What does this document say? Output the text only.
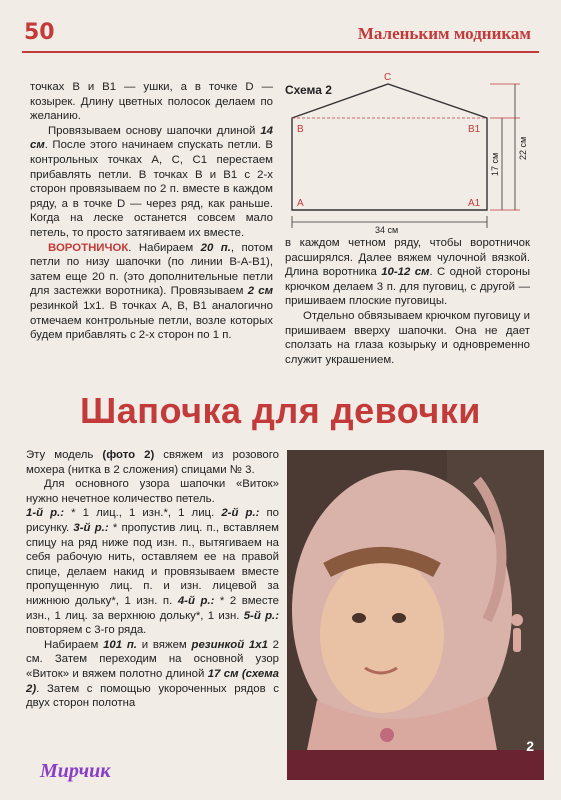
50	Маленьким модникам

точках В и В1 — ушки, а в точке D — козырек. Длину цветных полосок делаем по желанию.

Провязываем основу шапочки длиной 14 см. После этого начинаем спускать петли. В контрольных точках А, С, С1 перестаем прибавлять петли. В точках В и В1 с 2-х сторон провязываем по 2 п. вместе в каждом ряду, а в точке D — через ряд, как раньше. Когда на леске останется совсем мало петель, то просто затягиваем их вместе.

ВОРОТНИЧОК. Набираем 20 п., потом петли по низу шапочки (по линии В-А-В1), затем еще 20 п. (это дополнительные петли для застежки воротника). Провязываем 2 см резинкой 1x1. В точках А, В, В1 аналогично отмечаем контрольные петли, возле которых будем прибавлять с 2-х сторон по 1 п.

Схема 2
В	В1
С
А	А1
34 см
17 см
22 см

в каждом четном ряду, чтобы воротничок расширялся. Далее вяжем чулочной вязкой. Длина воротника 10-12 см. С одной стороны крючком делаем 3 п. для пуговиц, с другой — пришиваем плоские пуговицы.

Отдельно обвязываем крючком пуговицу и пришиваем вверху шапочки. Она не дает сползать на глаза козырьку и одновременно служит украшением.

Шапочка для девочки

Эту модель (фото 2) свяжем из розового мохера (нитка в 2 сложения) спицами № 3.

Для основного узора шапочки «Виток» нужно нечетное количество петель.

1-й р.: * 1 лиц., 1 изн.*, 1 лиц. 2-й р.: по рисунку. 3-й р.: * пропустив лиц. п., вставляем спицу на ряд ниже под изн. п., вытягиваем на себя рабочую нить, оставляем ее на правой спице, делаем накид и провязываем вместе пропущенную лиц. п. и изн. лицевой за нижнюю дольку*, 1 изн. п. 4-й р.: * 2 вместе изн., 1 лиц. за верхнюю дольку*, 1 изн. 5-й р.: повторяем с 3-го ряда.

Набираем 101 п. и вяжем резинкой 1x1 2 см. Затем переходим на основной узор «Виток» и вяжем полотно длиной 17 см (схема 2). Затем с помощью укороченных рядов с двух сторон полотна

2
Мирчик
